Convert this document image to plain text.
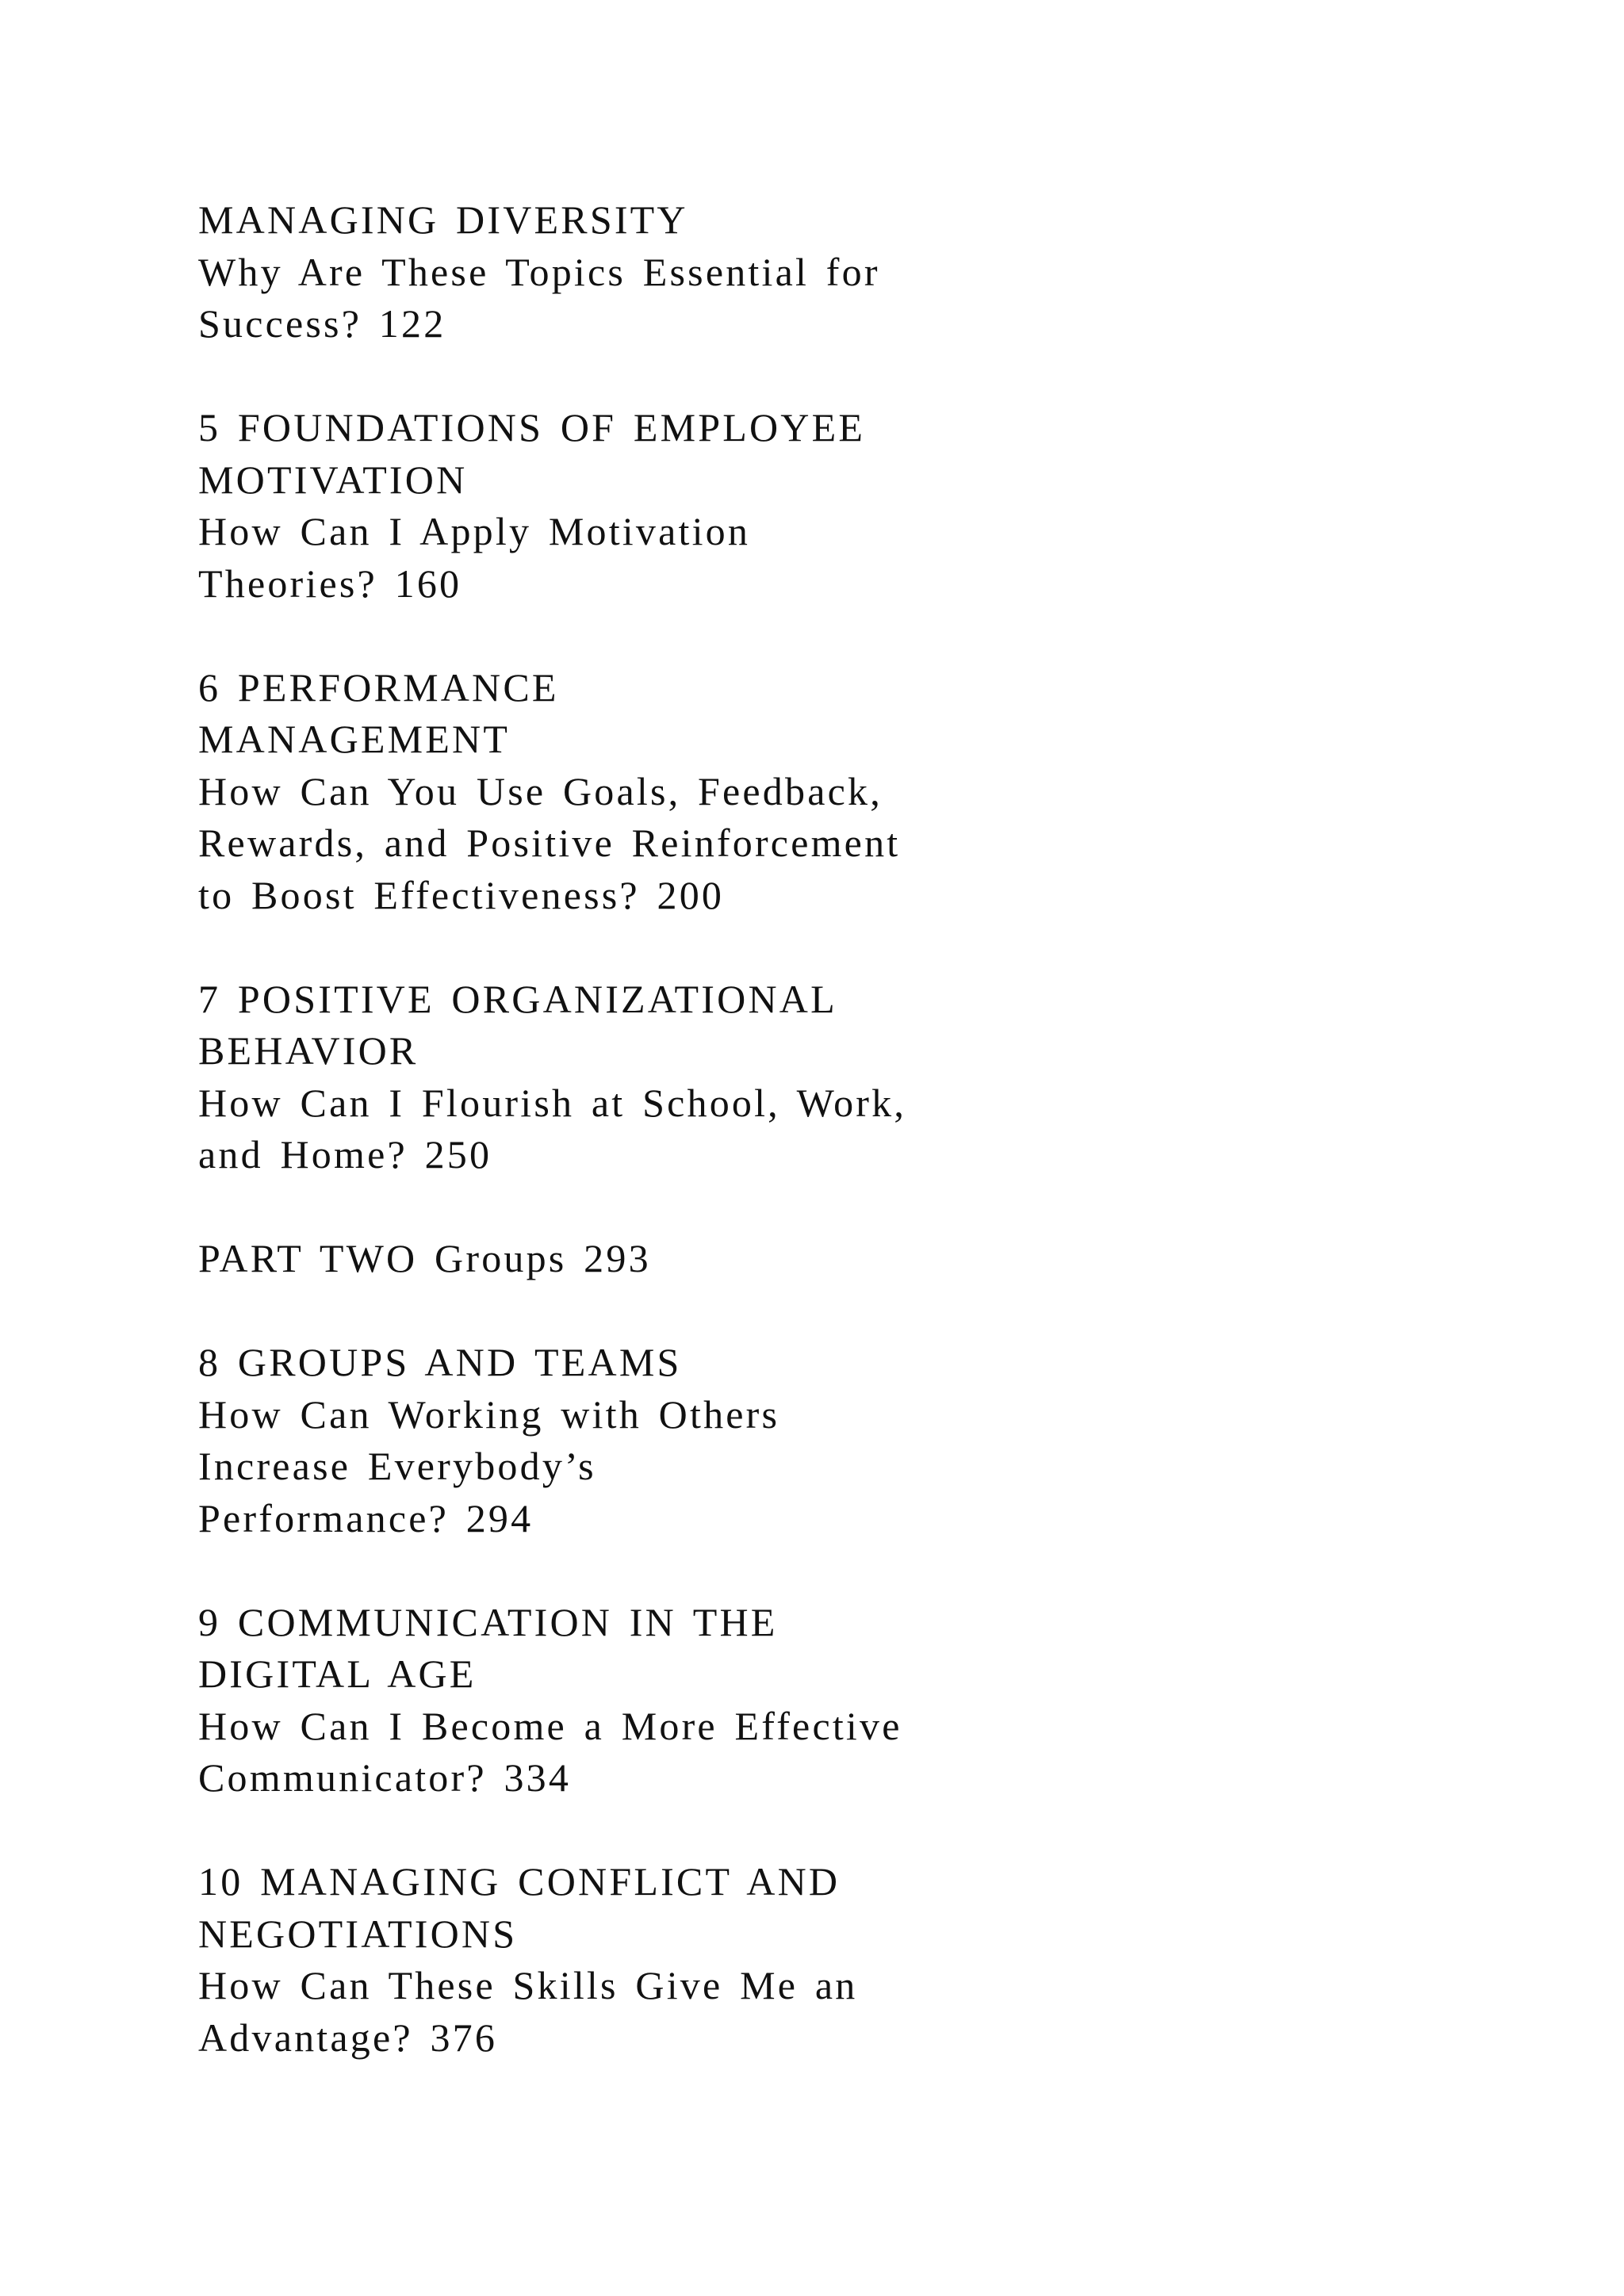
MANAGING DIVERSITY
Why Are These Topics Essential for
Success? 122
5 FOUNDATIONS OF EMPLOYEE
MOTIVATION
How Can I Apply Motivation
Theories? 160
6 PERFORMANCE
MANAGEMENT
How Can You Use Goals, Feedback,
Rewards, and Positive Reinforcement
to Boost Effectiveness? 200
7 POSITIVE ORGANIZATIONAL
BEHAVIOR
How Can I Flourish at School, Work,
and Home? 250
PART TWO Groups 293
8 GROUPS AND TEAMS
How Can Working with Others
Increase Everybody’s
Performance? 294
9 COMMUNICATION IN THE
DIGITAL AGE
How Can I Become a More Effective
Communicator? 334
10 MANAGING CONFLICT AND
NEGOTIATIONS
How Can These Skills Give Me an
Advantage? 376
